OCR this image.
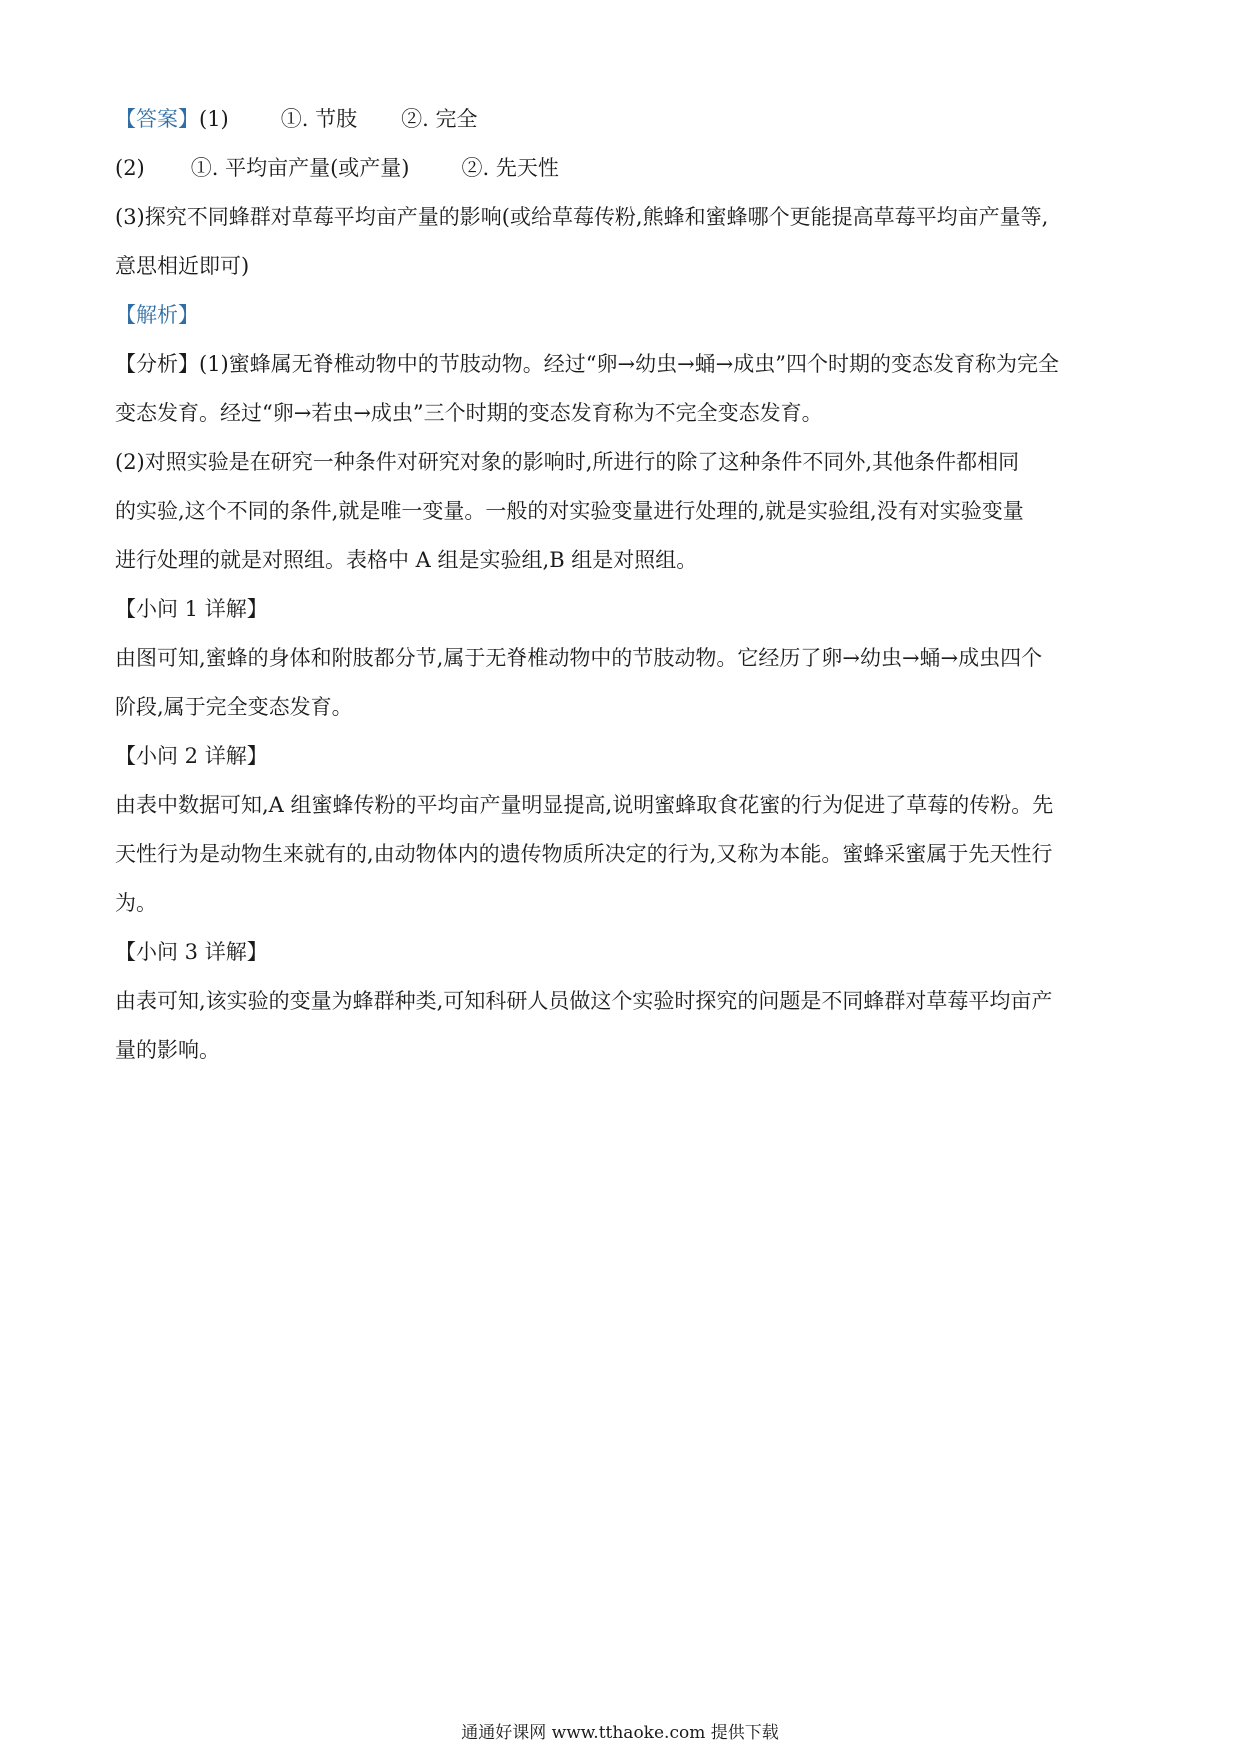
【答案】(1) ①. 节肢 ②. 完全
(2) ①. 平均亩产量(或产量) ②. 先天性
(3)探究不同蜂群对草莓平均亩产量的影响(或给草莓传粉,熊蜂和蜜蜂哪个更能提高草莓平均亩产量等,
意思相近即可)
【解析】
【分析】(1)蜜蜂属无脊椎动物中的节肢动物。经过“卵→幼虫→蛹→成虫”四个时期的变态发育称为完全
变态发育。经过“卵→若虫→成虫”三个时期的变态发育称为不完全变态发育。
(2)对照实验是在研究一种条件对研究对象的影响时,所进行的除了这种条件不同外,其他条件都相同
的实验,这个不同的条件,就是唯一变量。一般的对实验变量进行处理的,就是实验组,没有对实验变量
进行处理的就是对照组。表格中 A 组是实验组,B 组是对照组。
【小问 1 详解】
由图可知,蜜蜂的身体和附肢都分节,属于无脊椎动物中的节肢动物。它经历了卵→幼虫→蛹→成虫四个
阶段,属于完全变态发育。
【小问 2 详解】
由表中数据可知,A 组蜜蜂传粉的平均亩产量明显提高,说明蜜蜂取食花蜜的行为促进了草莓的传粉。先
天性行为是动物生来就有的,由动物体内的遗传物质所决定的行为,又称为本能。蜜蜂采蜜属于先天性行
为。
【小问 3 详解】
由表可知,该实验的变量为蜂群种类,可知科研人员做这个实验时探究的问题是不同蜂群对草莓平均亩产
量的影响。
通通好课网 www.tthaoke.com 提供下载
